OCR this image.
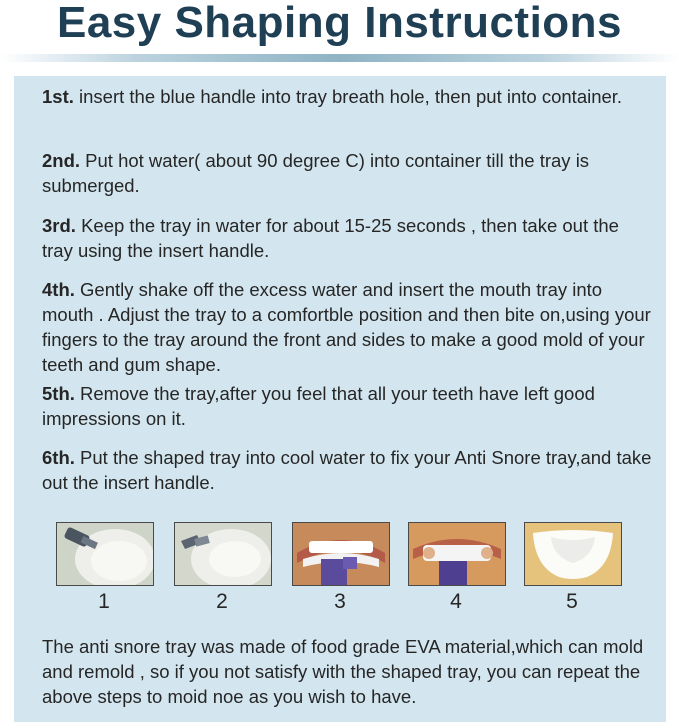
Easy Shaping Instructions
1st. insert the blue handle into tray breath hole, then put into container.
2nd. Put hot water( about 90 degree C) into container till the tray is submerged.
3rd. Keep the tray in water for about 15-25 seconds , then take out the tray using the insert handle.
4th. Gently shake off the excess water and insert the mouth tray into mouth . Adjust the tray to a comfortble position and then bite on,using your fingers to the tray around the front and sides to make a good mold of your teeth and gum shape.
5th. Remove the tray,after you feel that all your teeth have left good impressions on it.
6th. Put the shaped tray into cool water to fix your Anti Snore tray,and take out the insert handle.
1	2	3	4	5
The anti snore tray was made of food grade EVA material,which can mold and remold , so if you not satisfy with the shaped tray, you can repeat the above steps to moid noe as you wish to have.
